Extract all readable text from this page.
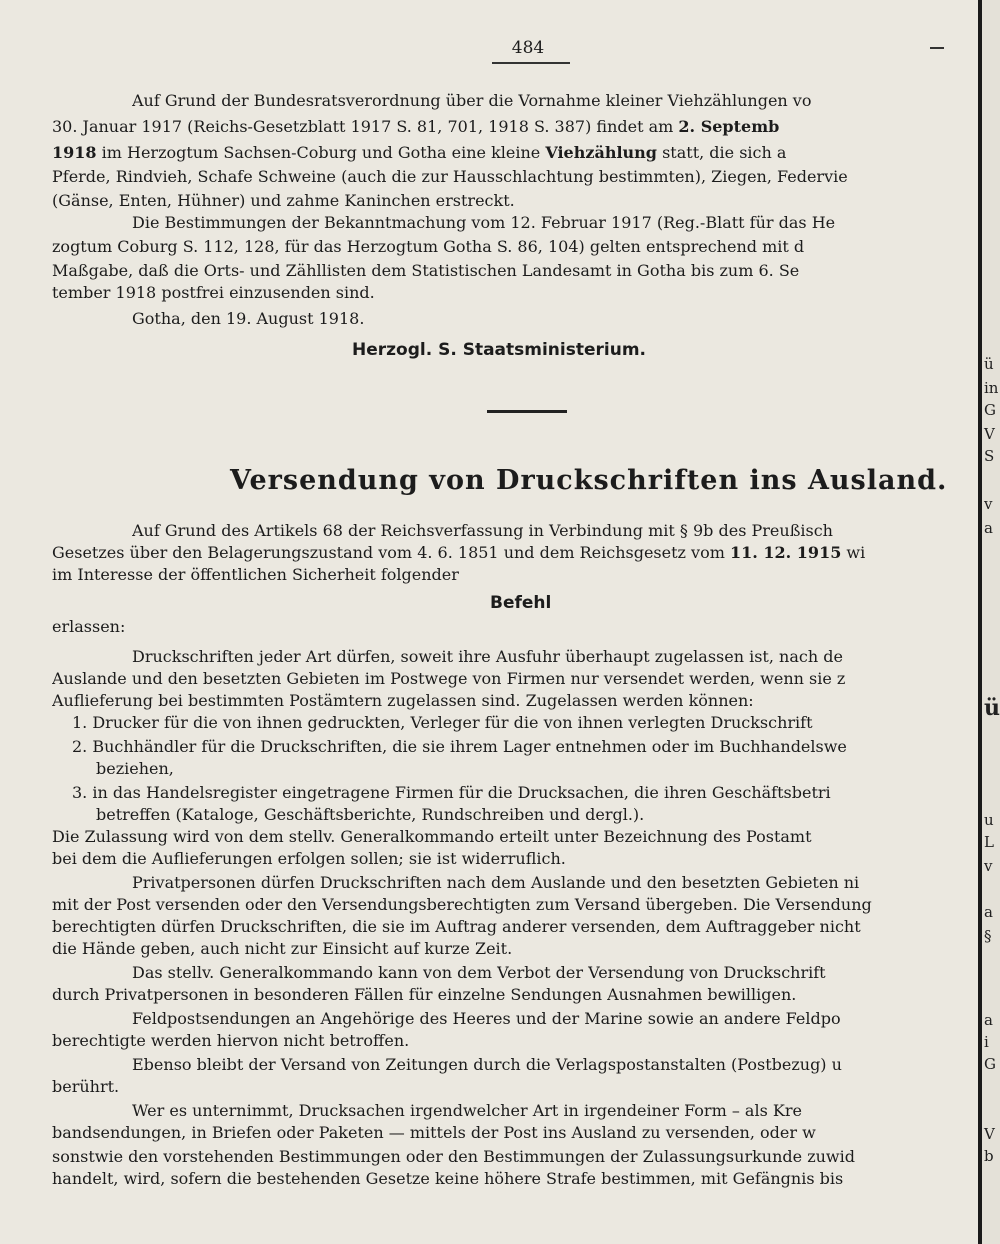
484
Auf Grund der Bundesratsverordnung über die Vornahme kleiner Viehzählungen vo
30. Januar 1917 (Reichs-Gesetzblatt 1917 S. 81, 701, 1918 S. 387) findet am 2. Septemb
1918 im Herzogtum Sachsen-Coburg und Gotha eine kleine Viehzählung statt, die sich a
Pferde, Rindvieh, Schafe Schweine (auch die zur Hausschlachtung bestimmten), Ziegen, Federvie
(Gänse, Enten, Hühner) und zahme Kaninchen erstreckt.
Die Bestimmungen der Bekanntmachung vom 12. Februar 1917 (Reg.-Blatt für das He
zogtum Coburg S. 112, 128, für das Herzogtum Gotha S. 86, 104) gelten entsprechend mit d
Maßgabe, daß die Orts- und Zähllisten dem Statistischen Landesamt in Gotha bis zum 6. Se
tember 1918 postfrei einzusenden sind.
Gotha, den 19. August 1918.
Herzogl. S. Staatsministerium.
Versendung von Druckschriften ins Ausland.
Auf Grund des Artikels 68 der Reichsverfassung in Verbindung mit § 9b des Preußisch
Gesetzes über den Belagerungszustand vom 4. 6. 1851 und dem Reichsgesetz vom 11. 12. 1915 wi
im Interesse der öffentlichen Sicherheit folgender
Befehl
erlassen:
Druckschriften jeder Art dürfen, soweit ihre Ausfuhr überhaupt zugelassen ist, nach de
Auslande und den besetzten Gebieten im Postwege von Firmen nur versendet werden, wenn sie z
Auflieferung bei bestimmten Postämtern zugelassen sind. Zugelassen werden können:
1. Drucker für die von ihnen gedruckten, Verleger für die von ihnen verlegten Druckschrift
2. Buchhändler für die Druckschriften, die sie ihrem Lager entnehmen oder im Buchhandelswe
beziehen,
3. in das Handelsregister eingetragene Firmen für die Drucksachen, die ihren Geschäftsbetri
betreffen (Kataloge, Geschäftsberichte, Rundschreiben und dergl.).
Die Zulassung wird von dem stellv. Generalkommando erteilt unter Bezeichnung des Postamt
bei dem die Auflieferungen erfolgen sollen; sie ist widerruflich.
Privatpersonen dürfen Druckschriften nach dem Auslande und den besetzten Gebieten ni
mit der Post versenden oder den Versendungsberechtigten zum Versand übergeben. Die Versendung
berechtigten dürfen Druckschriften, die sie im Auftrag anderer versenden, dem Auftraggeber nicht
die Hände geben, auch nicht zur Einsicht auf kurze Zeit.
Das stellv. Generalkommando kann von dem Verbot der Versendung von Druckschrift
durch Privatpersonen in besonderen Fällen für einzelne Sendungen Ausnahmen bewilligen.
Feldpostsendungen an Angehörige des Heeres und der Marine sowie an andere Feldpo
berechtigte werden hiervon nicht betroffen.
Ebenso bleibt der Versand von Zeitungen durch die Verlagspostanstalten (Postbezug) u
berührt.
Wer es unternimmt, Drucksachen irgendwelcher Art in irgendeiner Form – als Kre
bandsendungen, in Briefen oder Paketen — mittels der Post ins Ausland zu versenden, oder w
sonstwie den vorstehenden Bestimmungen oder den Bestimmungen der Zulassungsurkunde zuwid
handelt, wird, sofern die bestehenden Gesetze keine höhere Strafe bestimmen, mit Gefängnis bis
ü
in
G
V
S
v
a
ü
u
L
v
a
§
a
i
G
V
b
